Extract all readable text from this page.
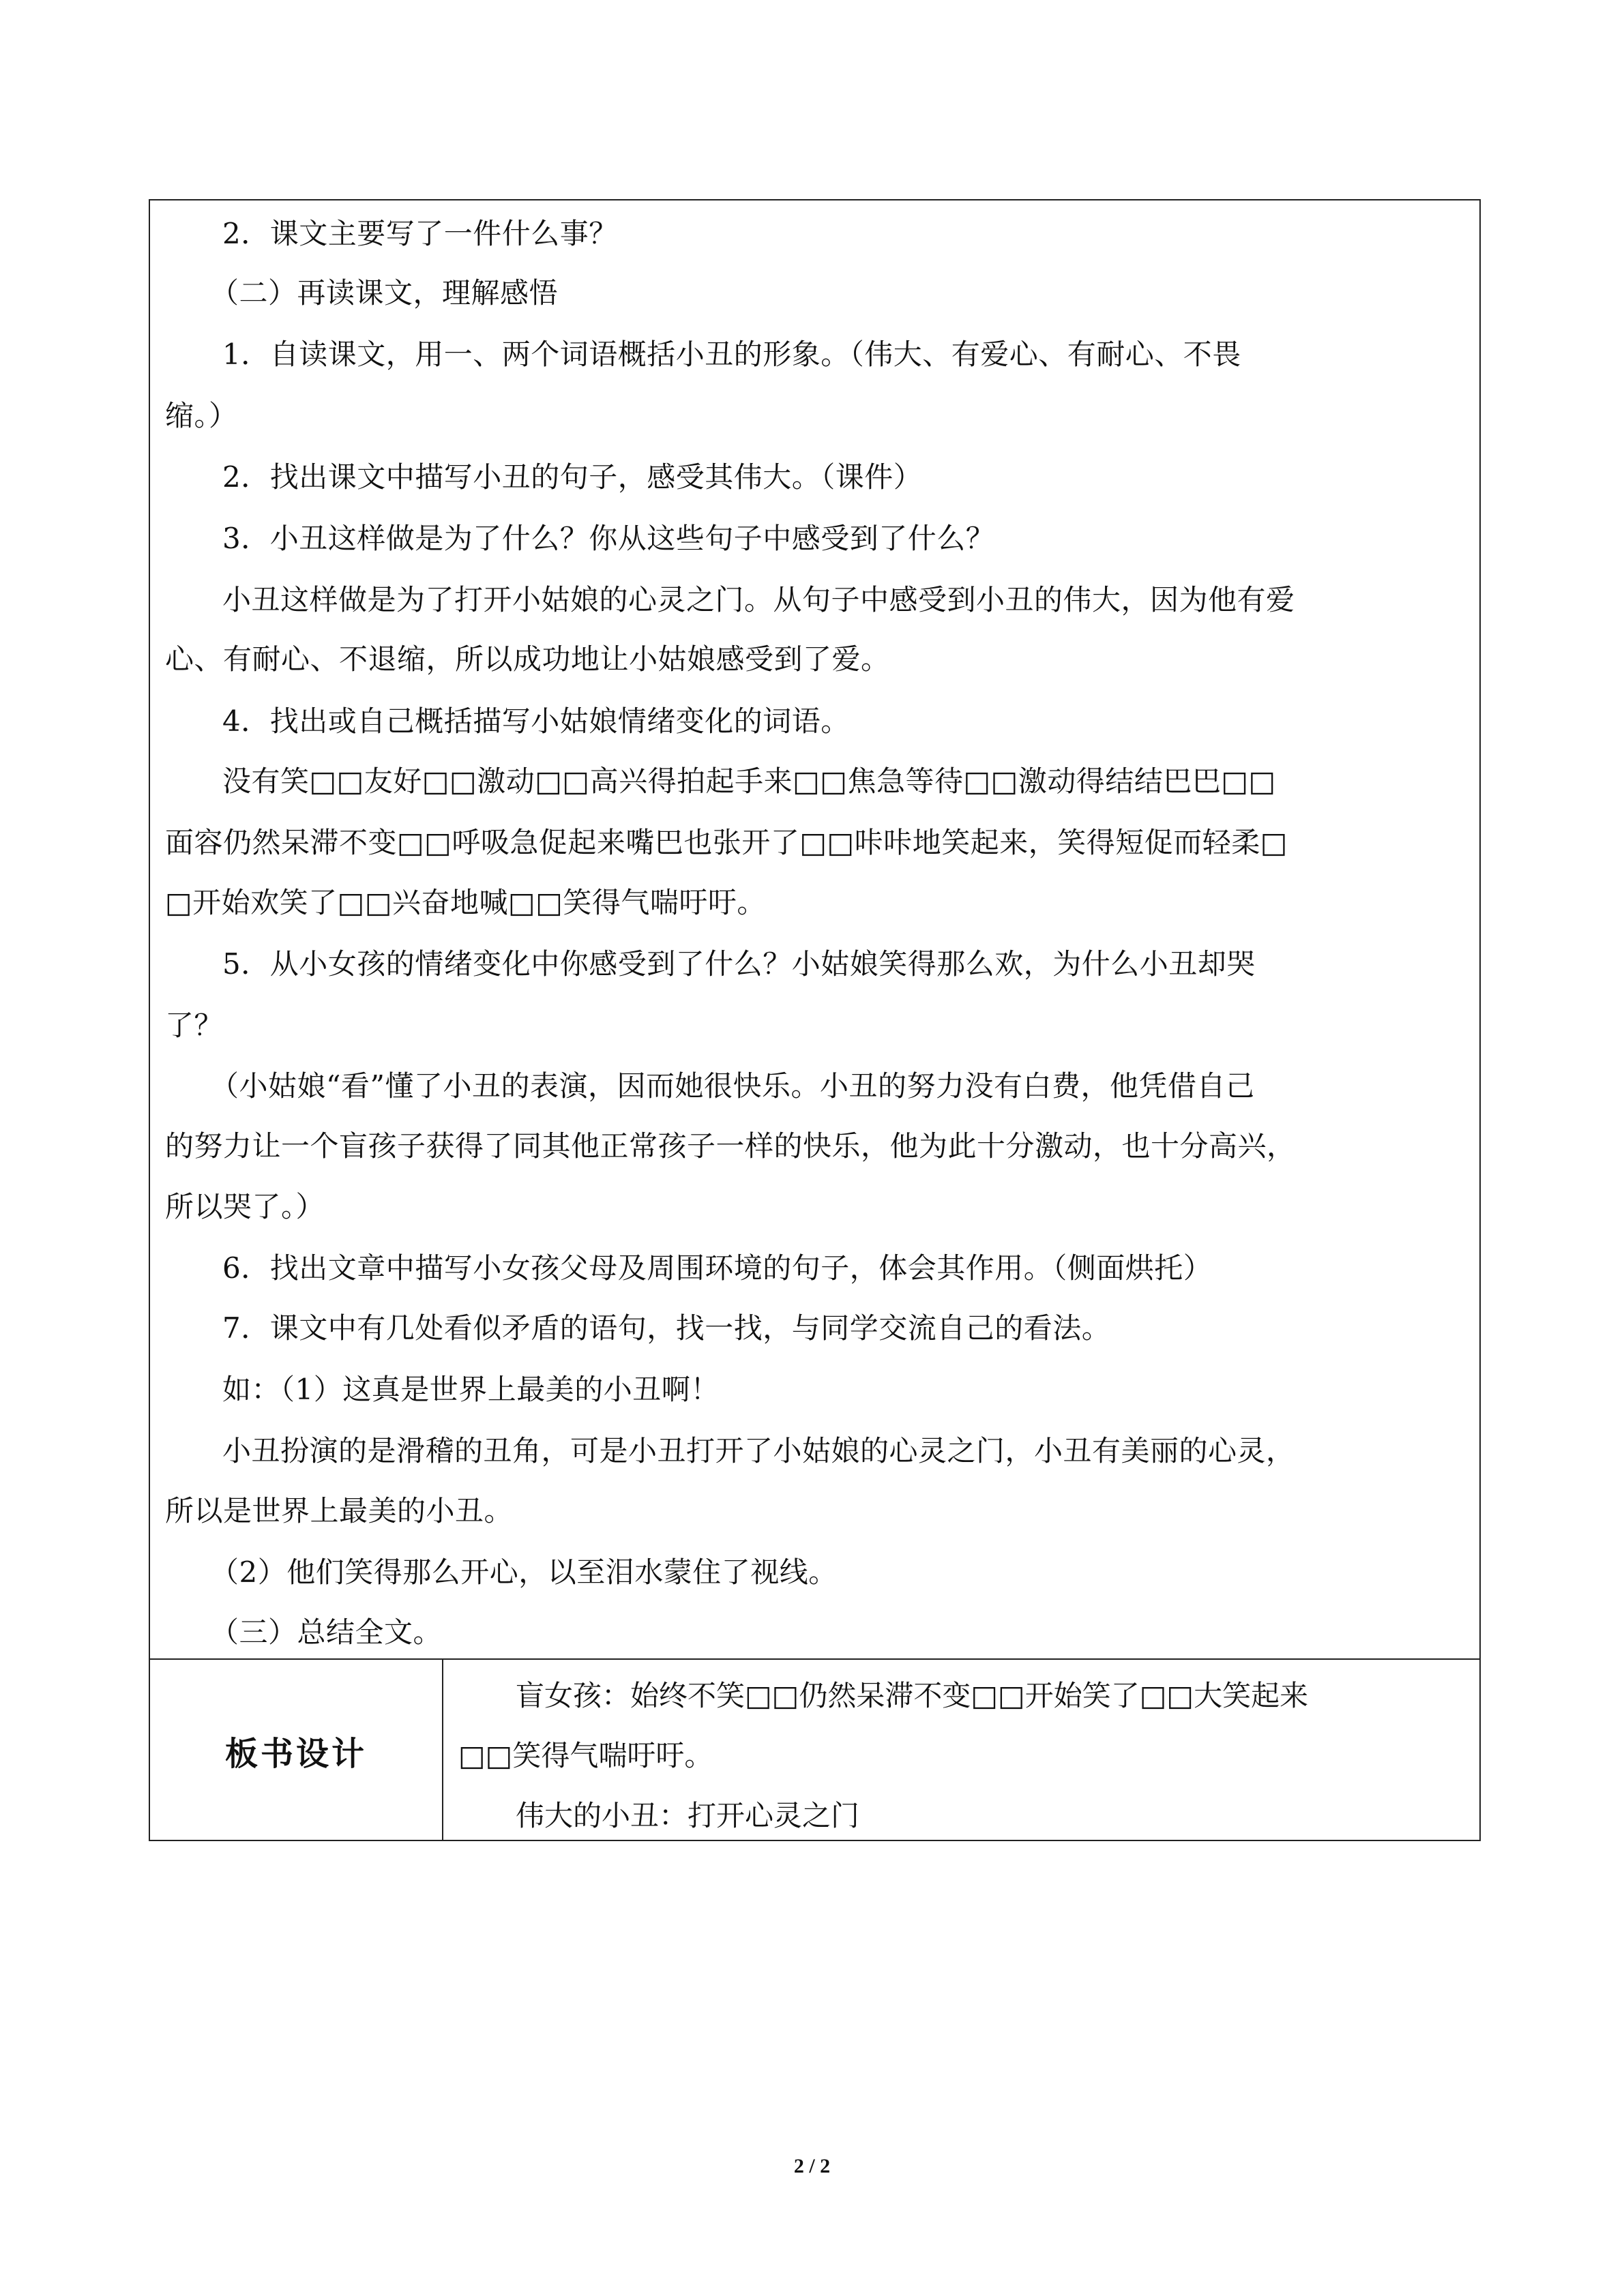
2．课文主要写了一件什么事？

（二）再读课文，理解感悟

1．自读课文，用一、两个词语概括小丑的形象。（伟大、有爱心、有耐心、不畏

缩。）

2．找出课文中描写小丑的句子，感受其伟大。（课件）

3．小丑这样做是为了什么？你从这些句子中感受到了什么？

小丑这样做是为了打开小姑娘的心灵之门。从句子中感受到小丑的伟大，因为他有爱

心、有耐心、不退缩，所以成功地让小姑娘感受到了爱。

4．找出或自己概括描写小姑娘情绪变化的词语。

没有笑□□友好□□激动□□高兴得拍起手来□□焦急等待□□激动得结结巴巴□□

面容仍然呆滞不变□□呼吸急促起来嘴巴也张开了□□咔咔地笑起来，笑得短促而轻柔□

□开始欢笑了□□兴奋地喊□□笑得气喘吁吁。

5．从小女孩的情绪变化中你感受到了什么？小姑娘笑得那么欢，为什么小丑却哭

了？

（小姑娘“看”懂了小丑的表演，因而她很快乐。小丑的努力没有白费，他凭借自己

的努力让一个盲孩子获得了同其他正常孩子一样的快乐，他为此十分激动，也十分高兴，

所以哭了。）

6．找出文章中描写小女孩父母及周围环境的句子，体会其作用。（侧面烘托）

7．课文中有几处看似矛盾的语句，找一找，与同学交流自己的看法。

如：（1）这真是世界上最美的小丑啊！

小丑扮演的是滑稽的丑角，可是小丑打开了小姑娘的心灵之门，小丑有美丽的心灵，

所以是世界上最美的小丑。

（2）他们笑得那么开心，以至泪水蒙住了视线。

（三）总结全文。

板书设计

盲女孩：始终不笑□□仍然呆滞不变□□开始笑了□□大笑起来

□□笑得气喘吁吁。

伟大的小丑：打开心灵之门

2 / 2
